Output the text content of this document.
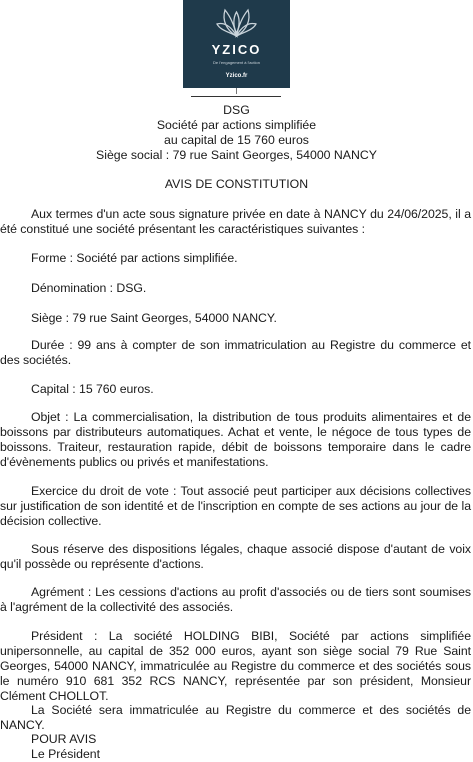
YZICO
De l'engagement à l'action
Yzico.fr
DSG
Société par actions simplifiée
au capital de 15 760 euros
Siège social : 79 rue Saint Georges, 54000 NANCY
AVIS DE CONSTITUTION
Aux termes d'un acte sous signature privée en date à NANCY du 24/06/2025, il a été constitué une société présentant les caractéristiques suivantes :
Forme : Société par actions simplifiée.
Dénomination : DSG.
Siège : 79 rue Saint Georges, 54000 NANCY.
Durée : 99 ans à compter de son immatriculation au Registre du commerce et des sociétés.
Capital : 15 760 euros.
Objet : La commercialisation, la distribution de tous produits alimentaires et de boissons par distributeurs automatiques. Achat et vente, le négoce de tous types de boissons. Traiteur, restauration rapide, débit de boissons temporaire dans le cadre d'évènements publics ou privés et manifestations.
Exercice du droit de vote : Tout associé peut participer aux décisions collectives sur justification de son identité et de l'inscription en compte de ses actions au jour de la décision collective.
Sous réserve des dispositions légales, chaque associé dispose d'autant de voix qu'il possède ou représente d'actions.
Agrément : Les cessions d'actions au profit d'associés ou de tiers sont soumises à l'agrément de la collectivité des associés.
Président : La société HOLDING BIBI, Société par actions simplifiée unipersonnelle, au capital de 352 000 euros, ayant son siège social 79 Rue Saint Georges, 54000 NANCY, immatriculée au Registre du commerce et des sociétés sous le numéro 910 681 352 RCS NANCY, représentée par son président, Monsieur Clément CHOLLOT.
La Société sera immatriculée au Registre du commerce et des sociétés de NANCY.
POUR AVIS
Le Président
